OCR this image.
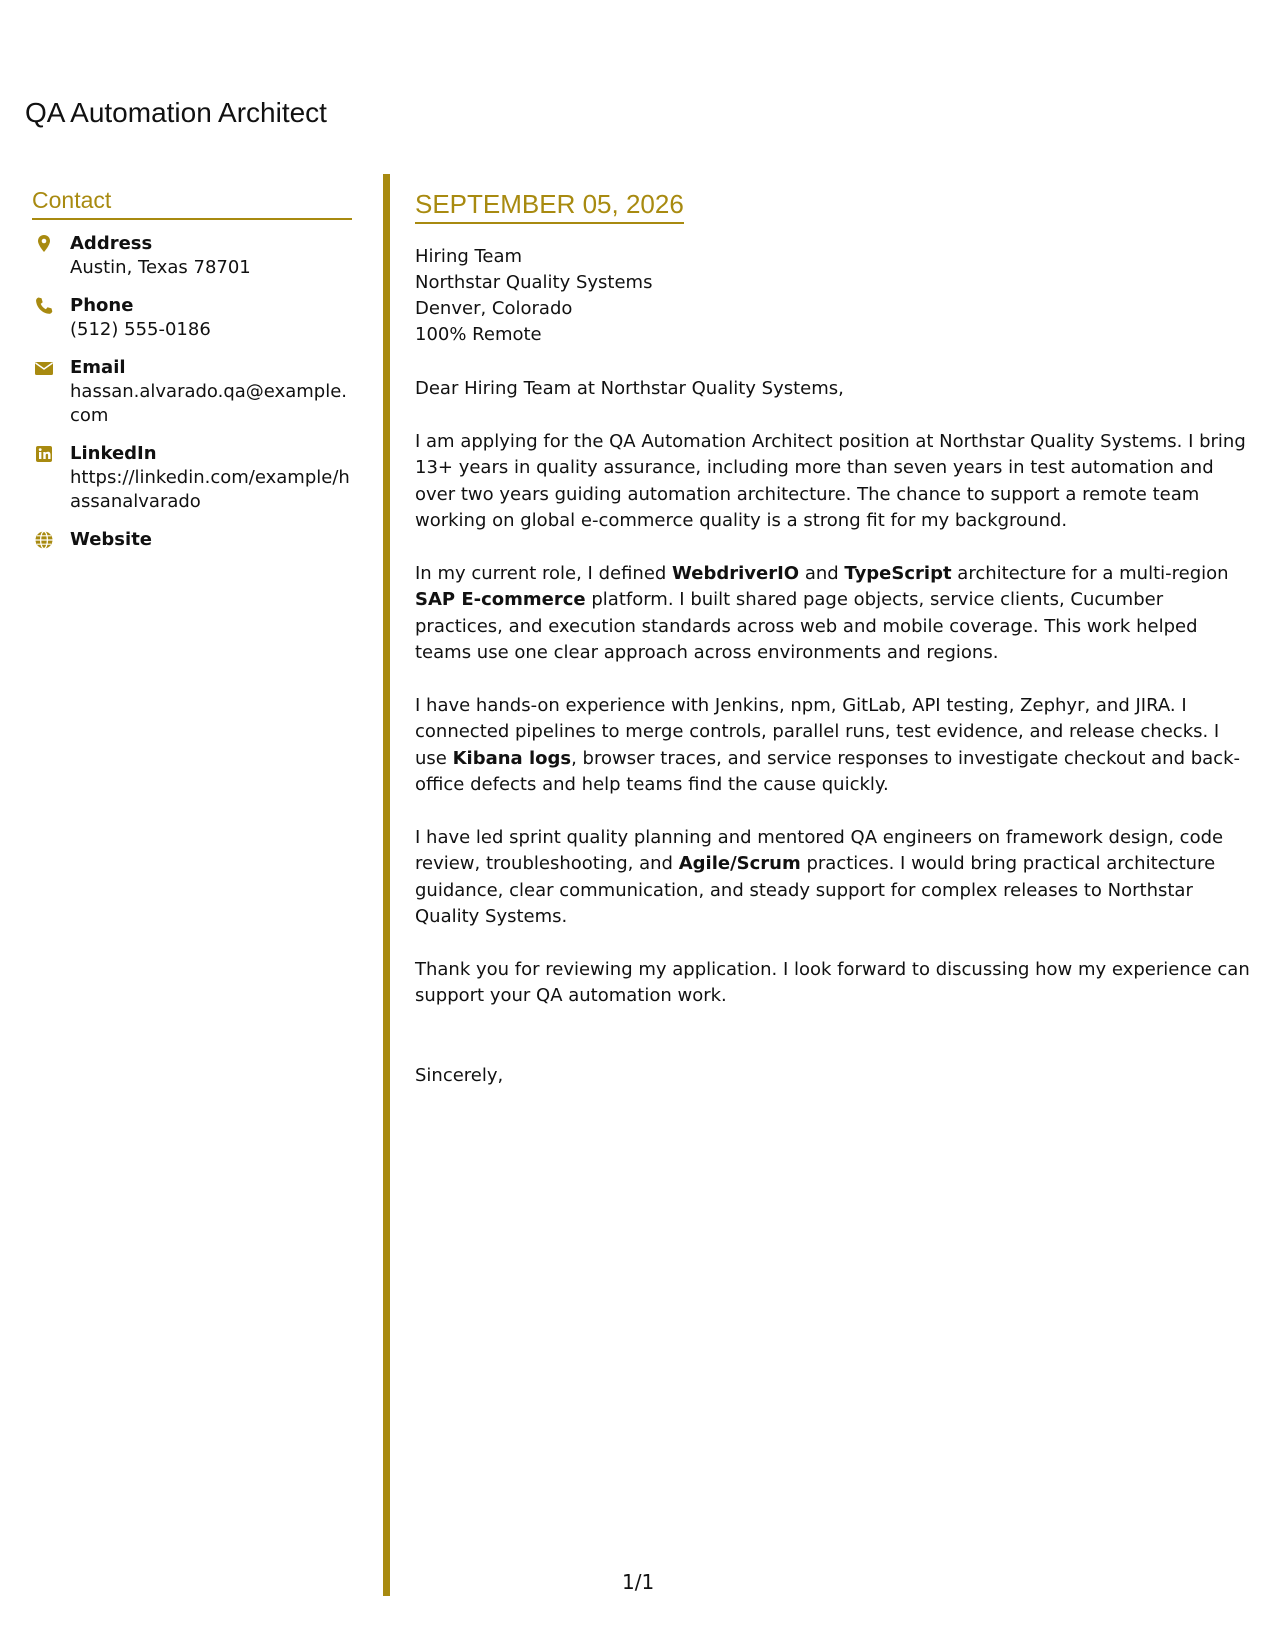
QA Automation Architect
Contact
Address
Austin, Texas 78701
Phone
(512) 555-0186
Email
hassan.alvarado.qa@example.com
LinkedIn
https://linkedin.com/example/hassanalvarado
Website
SEPTEMBER 05, 2026
Hiring Team
Northstar Quality Systems
Denver, Colorado
100% Remote
Dear Hiring Team at Northstar Quality Systems,

I am applying for the QA Automation Architect position at Northstar Quality Systems. I bring 13+ years in quality assurance, including more than seven years in test automation and over two years guiding automation architecture. The chance to support a remote team working on global e-commerce quality is a strong fit for my background.

In my current role, I defined WebdriverIO and TypeScript architecture for a multi-region SAP E-commerce platform. I built shared page objects, service clients, Cucumber practices, and execution standards across web and mobile coverage. This work helped teams use one clear approach across environments and regions.

I have hands-on experience with Jenkins, npm, GitLab, API testing, Zephyr, and JIRA. I connected pipelines to merge controls, parallel runs, test evidence, and release checks. I use Kibana logs, browser traces, and service responses to investigate checkout and back-office defects and help teams find the cause quickly.

I have led sprint quality planning and mentored QA engineers on framework design, code review, troubleshooting, and Agile/Scrum practices. I would bring practical architecture guidance, clear communication, and steady support for complex releases to Northstar Quality Systems.

Thank you for reviewing my application. I look forward to discussing how my experience can support your QA automation work.

Sincerely,
1/1
